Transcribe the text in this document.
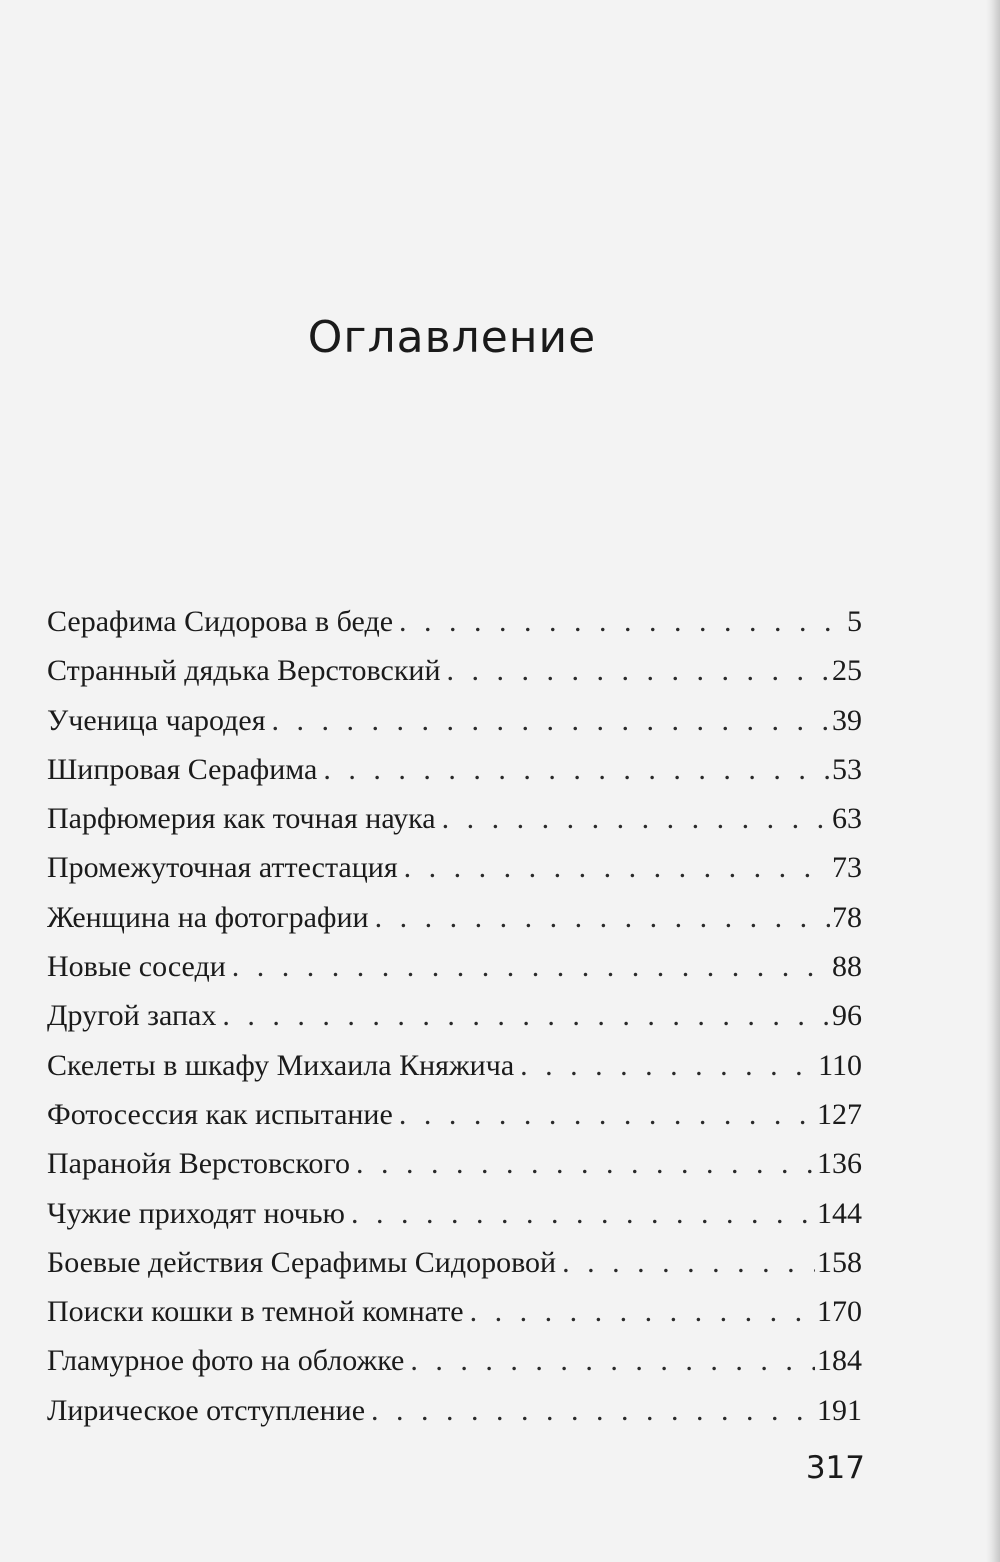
Оглавление
Серафима Сидорова в беде . . .	5
Странный дядька Верстовский . . .	25
Ученица чародея . . .	39
Шипровая Серафима . . .	53
Парфюмерия как точная наука . . .	63
Промежуточная аттестация . . .	73
Женщина на фотографии . . .	78
Новые соседи . . .	88
Другой запах . . .	96
Скелеты в шкафу Михаила Княжича . . .	110
Фотосессия как испытание . . .	127
Паранойя Верстовского . . .	136
Чужие приходят ночью . . .	144
Боевые действия Серафимы Сидоровой . . .	158
Поиски кошки в темной комнате . . .	170
Гламурное фото на обложке . . .	184
Лирическое отступление . . .	191
317
